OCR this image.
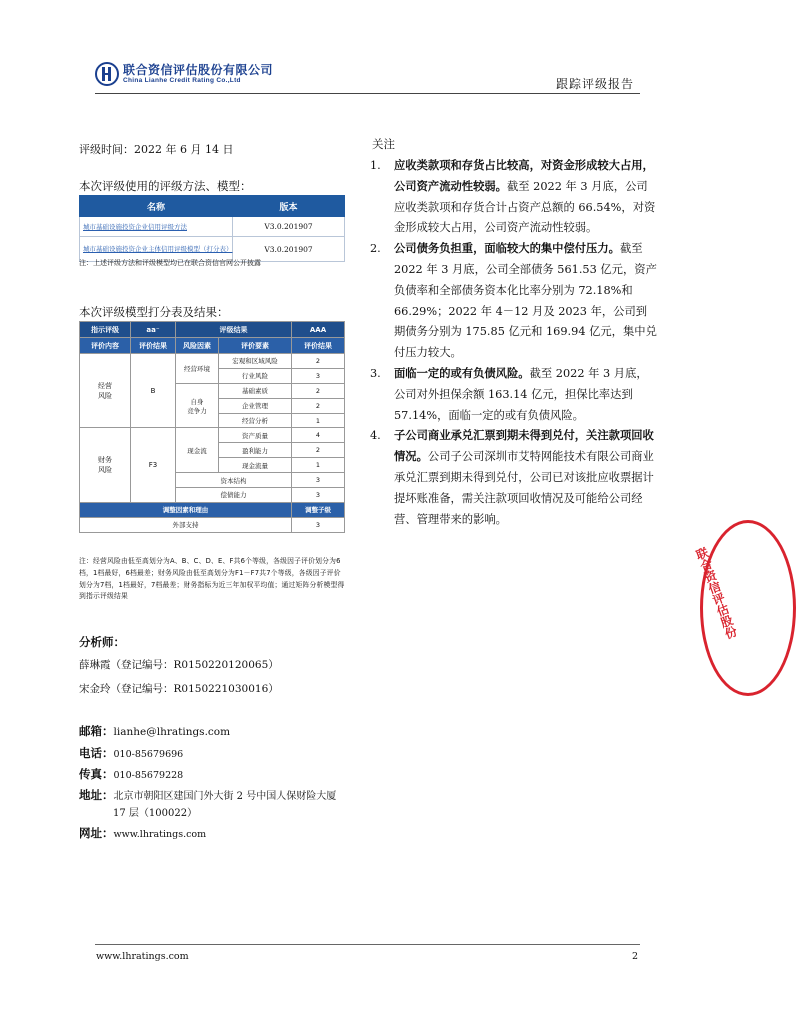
联合资信评估股份有限公司
China Lianhe Credit Rating Co.,Ltd	跟踪评级报告
评级时间：2022 年 6 月 14 日
本次评级使用的评级方法、模型：
名称	版本
城市基础设施投资企业信用评级方法	V3.0.201907
城市基础设施投资企业主体信用评级模型（打分表）	V3.0.201907
注：上述评级方法和评级模型均已在联合资信官网公开披露
本次评级模型打分表及结果：
指示评级	aa⁻	评级结果		AAA
评价内容	评价结果	风险因素	评价要素	评价结果
经营
风险	B	经营环境	宏观和区域风险	2
			行业风险	3
		自身
竞争力	基础素质	2
			企业管理	2
			经营分析	1
财务
风险	F3	现金流	资产质量	4
			盈利能力	2
			现金流量	1
		资本结构		3
		偿债能力		3
调整因素和理由				调整子级
外部支持				3
注：经营风险由低至高划分为A、B、C、D、E、F共6个等级，各级因子评价划分为6档，1档最好，6档最差；财务风险由低至高划分为F1－F7共7个等级，各级因子评价划分为7档，1档最好，7档最差；财务指标为近三年加权平均值；通过矩阵分析模型得到指示评级结果
分析师：
薛琳霞（登记编号：R0150220120065）
宋金玲（登记编号：R0150221030016）
邮箱：lianhe@lhratings.com
电话：010-85679696
传真：010-85679228
地址：北京市朝阳区建国门外大街 2 号中国人保财险大厦
17 层（100022）
网址：www.lhratings.com
关注

1. 应收类款项和存货占比较高，对资金形成较大占用，公司资产流动性较弱。截至 2022 年 3 月底，公司应收类款项和存货合计占资产总额的 66.54%，对资金形成较大占用，公司资产流动性较弱。

2. 公司债务负担重，面临较大的集中偿付压力。截至 2022 年 3 月底，公司全部债务 561.53 亿元，资产负债率和全部债务资本化比率分别为 72.18%和 66.29%；2022 年 4－12 月及 2023 年，公司到期债务分别为 175.85 亿元和 169.94 亿元，集中兑付压力较大。

3. 面临一定的或有负债风险。截至 2022 年 3 月底，公司对外担保余额 163.14 亿元，担保比率达到 57.14%，面临一定的或有负债风险。

4. 子公司商业承兑汇票到期未得到兑付，关注款项回收情况。公司子公司深圳市艾特网能技术有限公司商业承兑汇票到期未得到兑付，公司已对该批应收票据计提坏账准备，需关注款项回收情况及可能给公司经营、管理带来的影响。

联合资信评估股份
www.lhratings.com	2
